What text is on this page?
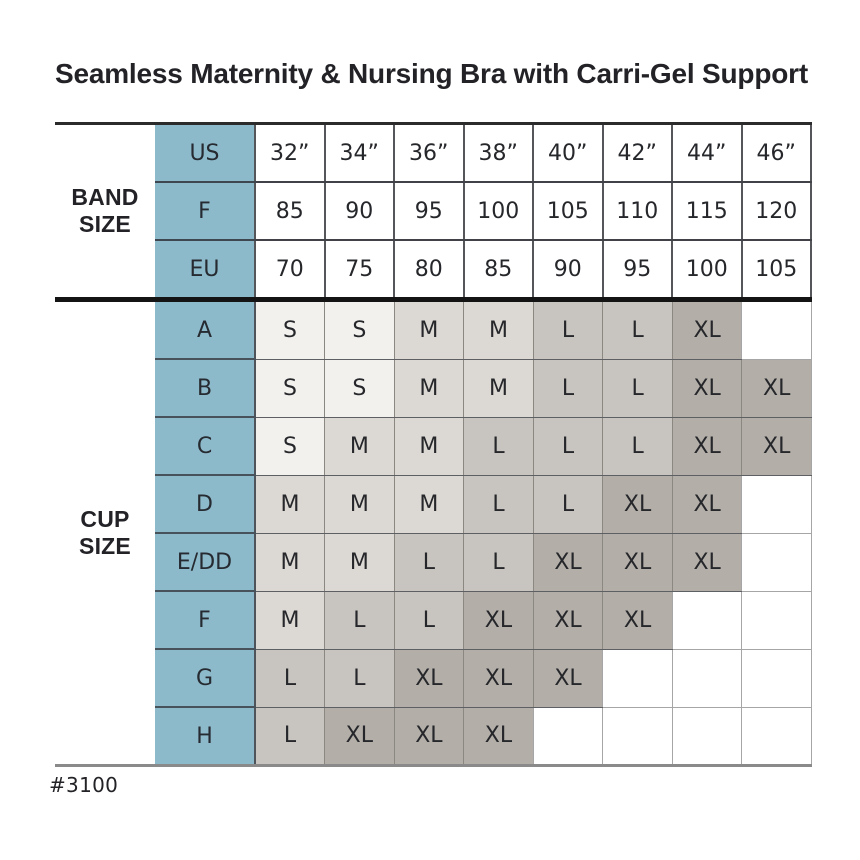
Seamless Maternity & Nursing Bra with Carri-Gel Support
BAND SIZE	US	32”	34”	36”	38”	40”	42”	44”	46”
	F	85	90	95	100	105	110	115	120
	EU	70	75	80	85	90	95	100	105
CUP SIZE	A	S	S	M	M	L	L	XL	
	B	S	S	M	M	L	L	XL	XL
	C	S	M	M	L	L	L	XL	XL
	D	M	M	M	L	L	XL	XL	
	E/DD	M	M	L	L	XL	XL	XL	
	F	M	L	L	XL	XL	XL		
	G	L	L	XL	XL	XL			
	H	L	XL	XL	XL				
#3100
